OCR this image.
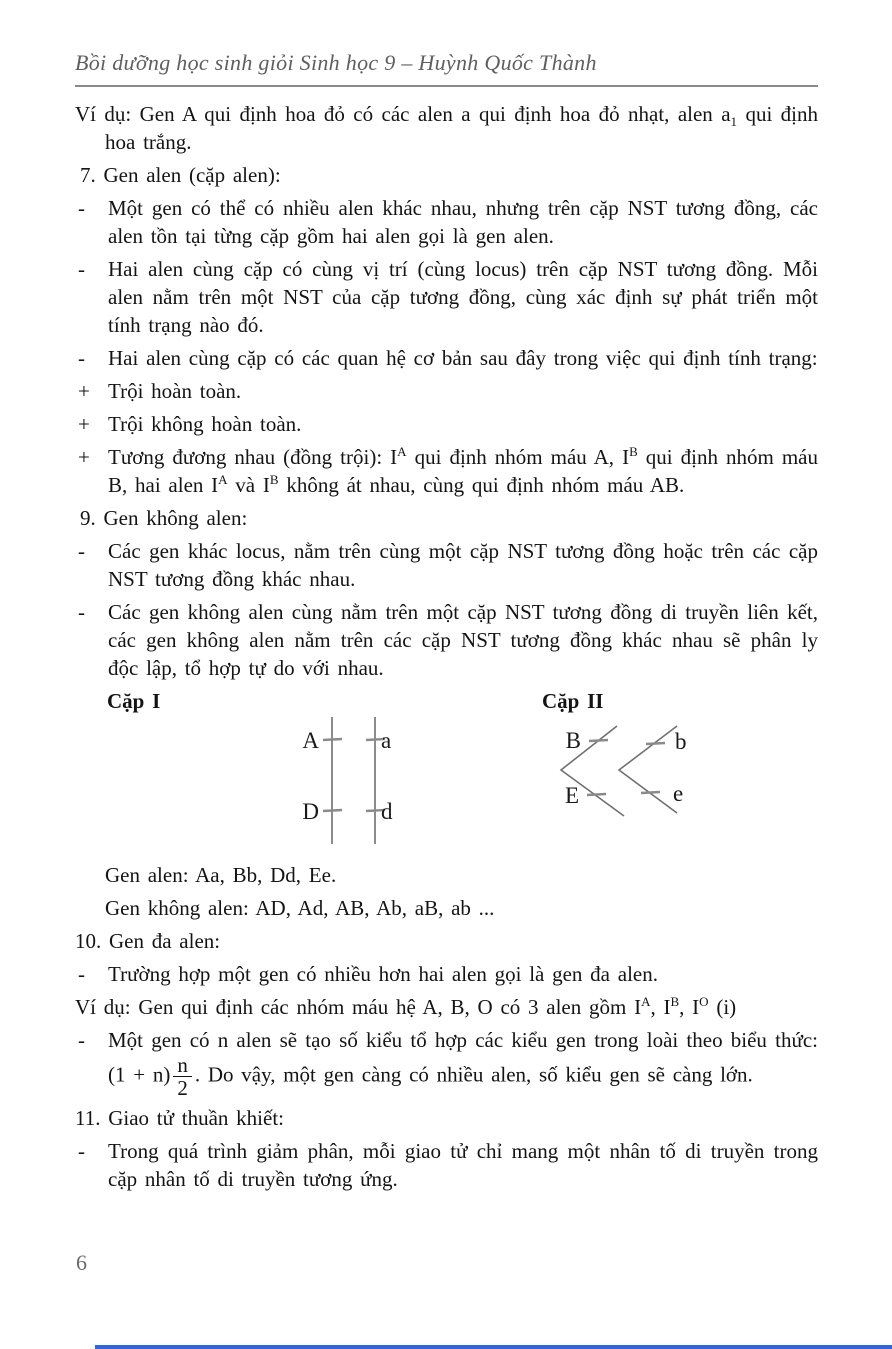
Bồi dưỡng học sinh giỏi Sinh học 9 – Huỳnh Quốc Thành

Ví dụ: Gen A qui định hoa đỏ có các alen a qui định hoa đỏ nhạt, alen $a_1$ qui định hoa trắng.

7. Gen alen (cặp alen):

- Một gen có thể có nhiều alen khác nhau, nhưng trên cặp NST tương đồng, các alen tồn tại từng cặp gồm hai alen gọi là gen alen.

- Hai alen cùng cặp có cùng vị trí (cùng locus) trên cặp NST tương đồng. Mỗi alen nằm trên một NST của cặp tương đồng, cùng xác định sự phát triển một tính trạng nào đó.

- Hai alen cùng cặp có các quan hệ cơ bản sau đây trong việc qui định tính trạng:

+ Trội hoàn toàn.

+ Trội không hoàn toàn.

+ Tương đương nhau (đồng trội): $I^A$ qui định nhóm máu A, $I^B$ qui định nhóm máu B, hai alen $I^A$ và $I^B$ không át nhau, cùng qui định nhóm máu AB.

9. Gen không alen:

- Các gen khác locus, nằm trên cùng một cặp NST tương đồng hoặc trên các cặp NST tương đồng khác nhau.

- Các gen không alen cùng nằm trên một cặp NST tương đồng di truyền liên kết, các gen không alen nằm trên các cặp NST tương đồng khác nhau sẽ phân ly độc lập, tổ hợp tự do với nhau.

Cặp I	Cặp II
A	a
D	d
B	b
E	e

Gen alen: Aa, Bb, Dd, Ee.

Gen không alen: AD, Ad, AB, Ab, aB, ab ...

10. Gen đa alen:

- Trường hợp một gen có nhiều hơn hai alen gọi là gen đa alen.

Ví dụ: Gen qui định các nhóm máu hệ A, B, O có 3 alen gồm $I^A$, $I^B$, $I^O$ (i)

- Một gen có n alen sẽ tạo số kiểu tổ hợp các kiểu gen trong loài theo biểu thức: $(1 + n) \frac{n}{2}$ . Do vậy, một gen càng có nhiều alen, số kiểu gen sẽ càng lớn.

11. Giao tử thuần khiết:

- Trong quá trình giảm phân, mỗi giao tử chỉ mang một nhân tố di truyền trong cặp nhân tố di truyền tương ứng.

6
